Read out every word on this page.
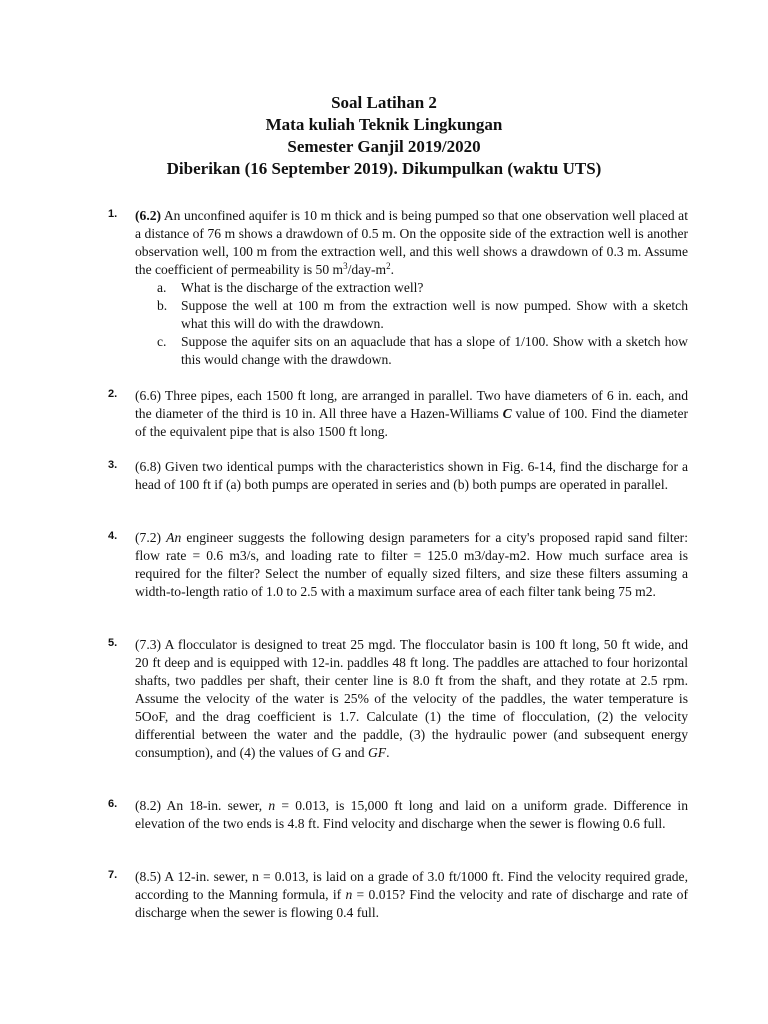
Soal Latihan 2
Mata kuliah Teknik Lingkungan
Semester Ganjil 2019/2020
Diberikan (16 September 2019). Dikumpulkan (waktu UTS)
1. (6.2) An unconfined aquifer is 10 m thick and is being pumped so that one observation well placed at a distance of 76 m shows a drawdown of 0.5 m. On the opposite side of the extraction well is another observation well, 100 m from the extraction well, and this well shows a drawdown of 0.3 m. Assume the coefficient of permeability is 50 $m^3/day-m^2$.
a.	What is the discharge of the extraction well?
b.	Suppose the well at 100 m from the extraction well is now pumped. Show with a sketch what this will do with the drawdown.
c.	Suppose the aquifer sits on an aquaclude that has a slope of 1/100. Show with a sketch how this would change with the drawdown.
2. (6.6) Three pipes, each 1500 ft long, are arranged in parallel. Two have diameters of 6 in. each, and the diameter of the third is 10 in. All three have a Hazen-Williams C value of 100. Find the diameter of the equivalent pipe that is also 1500 ft long.
3. (6.8) Given two identical pumps with the characteristics shown in Fig. 6-14, find the discharge for a head of 100 ft if (a) both pumps are operated in series and (b) both pumps are operated in parallel.
4. (7.2) An engineer suggests the following design parameters for a city's proposed rapid sand filter: flow rate = 0.6 m3/s, and loading rate to filter = 125.0 m3/day-m2. How much surface area is required for the filter? Select the number of equally sized filters, and size these filters assuming a width-to-length ratio of 1.0 to 2.5 with a maximum surface area of each filter tank being 75 m2.
5. (7.3) A flocculator is designed to treat 25 mgd. The flocculator basin is 100 ft long, 50 ft wide, and 20 ft deep and is equipped with 12-in. paddles 48 ft long. The paddles are attached to four horizontal shafts, two paddles per shaft, their center line is 8.0 ft from the shaft, and they rotate at 2.5 rpm. Assume the velocity of the water is 25% of the velocity of the paddles, the water temperature is 5OoF, and the drag coefficient is 1.7. Calculate (1) the time of flocculation, (2) the velocity differential between the water and the paddle, (3) the hydraulic power (and subsequent energy consumption), and (4) the values of G and GF.
6. (8.2) An 18-in. sewer, n = 0.013, is 15,000 ft long and laid on a uniform grade. Difference in elevation of the two ends is 4.8 ft. Find velocity and discharge when the sewer is flowing 0.6 full.
7. (8.5) A 12-in. sewer, n = 0.013, is laid on a grade of 3.0 ft/1000 ft. Find the velocity required grade, according to the Manning formula, if n = 0.015? Find the velocity and rate of discharge and rate of discharge when the sewer is flowing 0.4 full.
